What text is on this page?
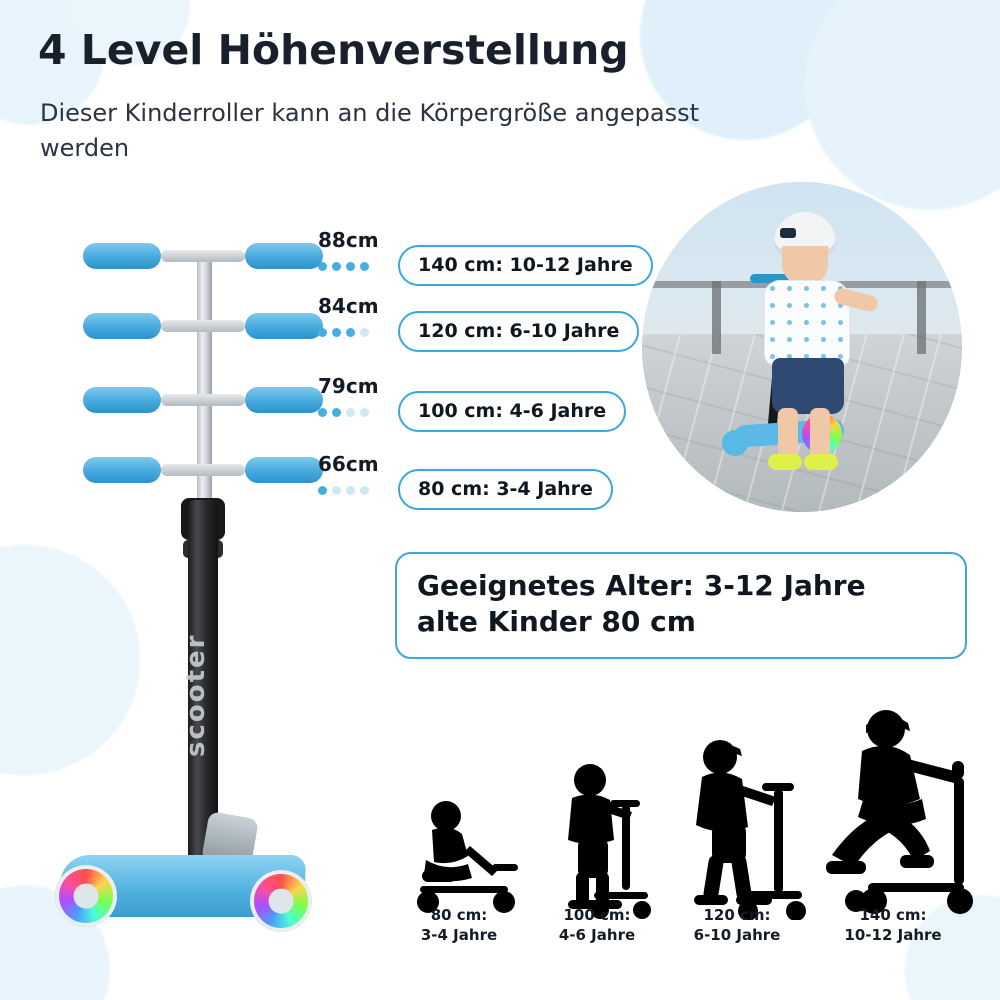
4 Level Höhenverstellung
Dieser Kinderroller kann an die Körpergröße angepasst werden
scooter
88cm
140 cm: 10-12 Jahre
84cm
120 cm: 6-10 Jahre
79cm
100 cm: 4-6 Jahre
66cm
80 cm: 3-4 Jahre
Geeignetes Alter: 3-12 Jahre
alte Kinder 80 cm
80 cm:
3-4 Jahre
100 cm:
4-6 Jahre
120 cm:
6-10 Jahre
140 cm:
10-12 Jahre
